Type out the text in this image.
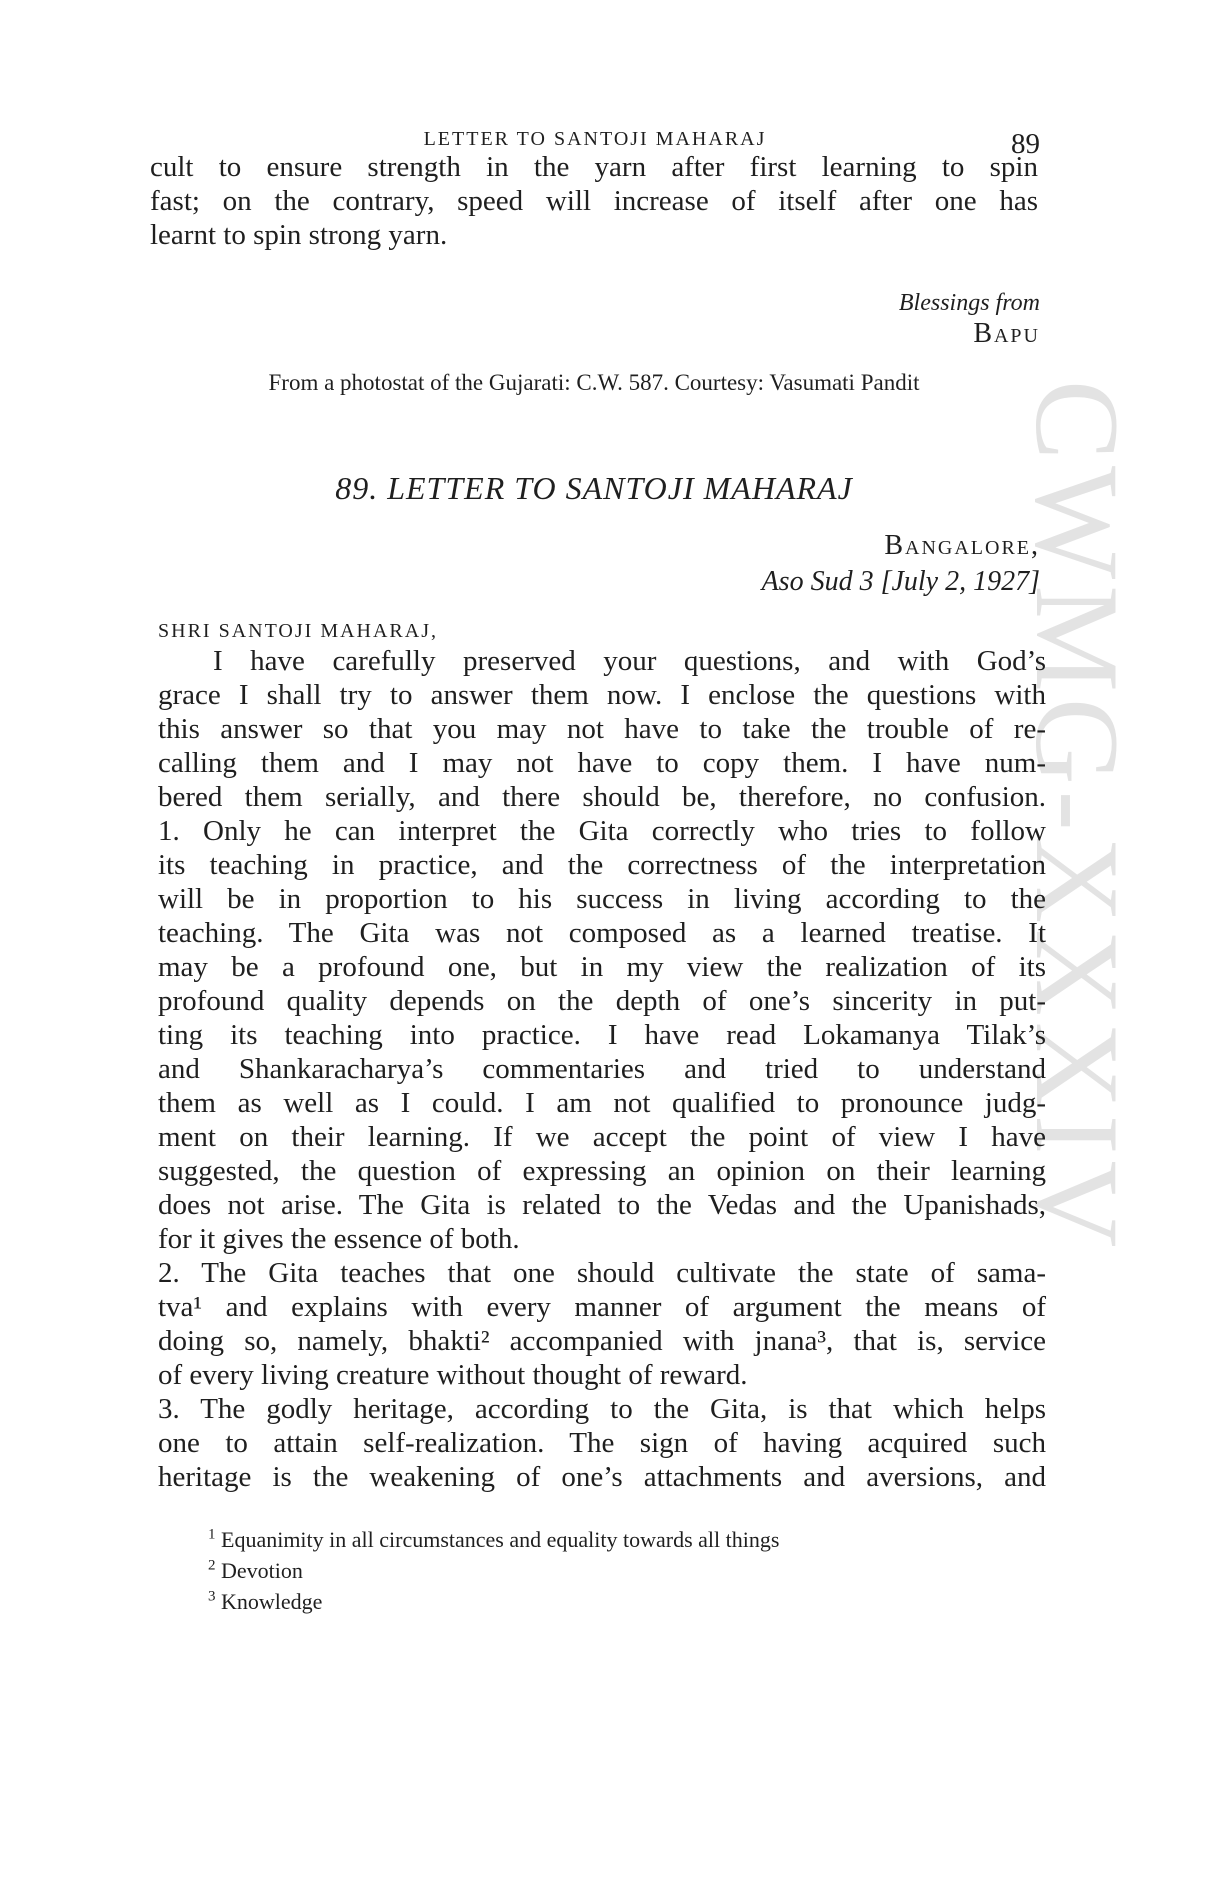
CWMG-XXXIV
LETTER TO SANTOJI MAHARAJ	89
cult to ensure strength in the yarn after first learning to spin
fast; on the contrary, speed will increase of itself after one has
learnt to spin strong yarn.
Blessings from
Bapu
From a photostat of the Gujarati: C.W. 587. Courtesy: Vasumati Pandit
89. LETTER TO SANTOJI MAHARAJ
Bangalore,
Aso Sud 3 [July 2, 1927]
SHRI SANTOJI MAHARAJ,
I have carefully preserved your questions, and with God’s
grace I shall try to answer them now. I enclose the questions with
this answer so that you may not have to take the trouble of re-
calling them and I may not have to copy them. I have num-
bered them serially, and there should be, therefore, no confusion.
1. Only he can interpret the Gita correctly who tries to follow
its teaching in practice, and the correctness of the interpretation
will be in proportion to his success in living according to the
teaching. The Gita was not composed as a learned treatise. It
may be a profound one, but in my view the realization of its
profound quality depends on the depth of one’s sincerity in put-
ting its teaching into practice. I have read Lokamanya Tilak’s
and Shankaracharya’s commentaries and tried to understand
them as well as I could. I am not qualified to pronounce judg-
ment on their learning. If we accept the point of view I have
suggested, the question of expressing an opinion on their learning
does not arise. The Gita is related to the Vedas and the Upanishads,
for it gives the essence of both.
2. The Gita teaches that one should cultivate the state of sama-
tva¹ and explains with every manner of argument the means of
doing so, namely, bhakti² accompanied with jnana³, that is, service
of every living creature without thought of reward.
3. The godly heritage, according to the Gita, is that which helps
one to attain self-realization. The sign of having acquired such
heritage is the weakening of one’s attachments and aversions, and
$^1$ Equanimity in all circumstances and equality towards all things
$^2$ Devotion
$^3$ Knowledge
